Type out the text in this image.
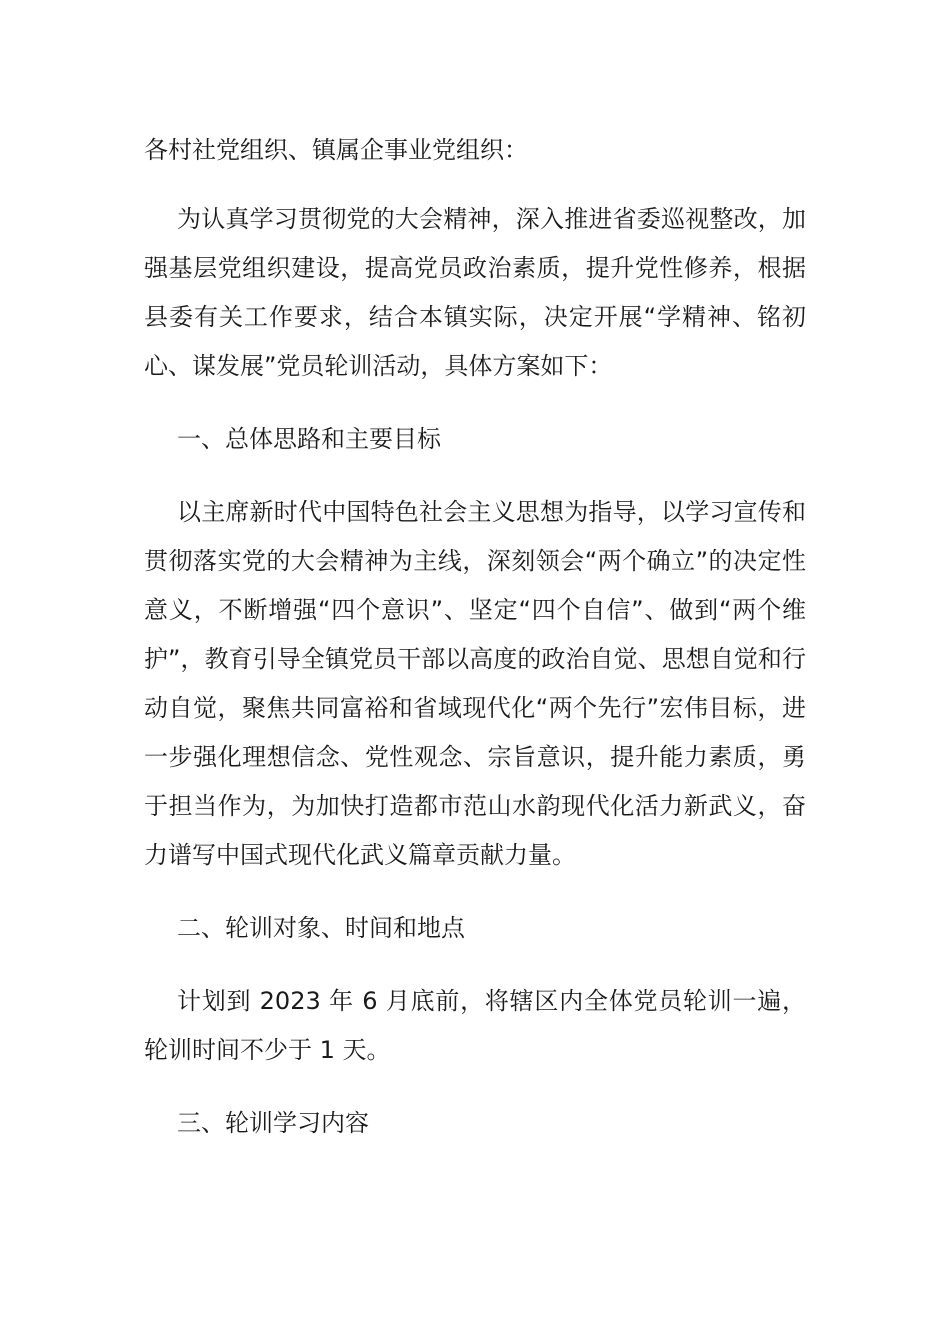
各村社党组织、镇属企事业党组织：

为认真学习贯彻党的大会精神，深入推进省委巡视整改，加强基层党组织建设，提高党员政治素质，提升党性修养，根据县委有关工作要求，结合本镇实际，决定开展“学精神、铭初心、谋发展”党员轮训活动，具体方案如下：

一、总体思路和主要目标

以主席新时代中国特色社会主义思想为指导，以学习宣传和贯彻落实党的大会精神为主线，深刻领会“两个确立”的决定性意义，不断增强“四个意识”、坚定“四个自信”、做到“两个维护”，教育引导全镇党员干部以高度的政治自觉、思想自觉和行动自觉，聚焦共同富裕和省域现代化“两个先行”宏伟目标，进一步强化理想信念、党性观念、宗旨意识，提升能力素质，勇于担当作为，为加快打造都市范山水韵现代化活力新武义，奋力谱写中国式现代化武义篇章贡献力量。

二、轮训对象、时间和地点

计划到 2023 年 6 月底前，将辖区内全体党员轮训一遍，轮训时间不少于 1 天。

三、轮训学习内容
